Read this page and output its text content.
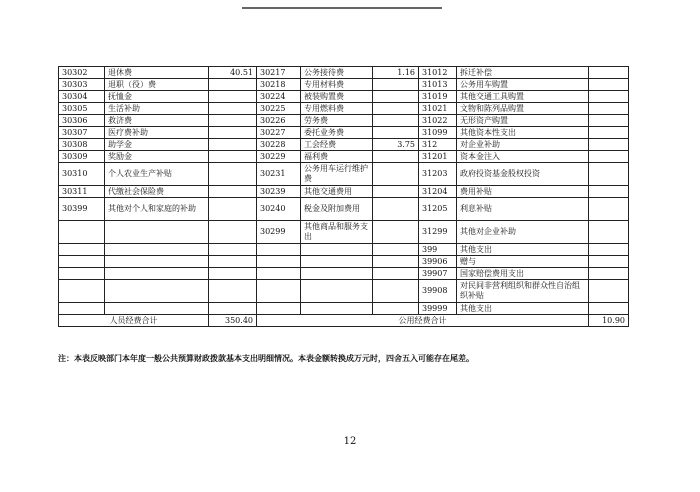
30302	退休费	40.51	30217	公务接待费	1.16	31012	拆迁补偿	
30303	退职（役）费		30218	专用材料费		31013	公务用车购置	
30304	抚恤金		30224	被装购置费		31019	其他交通工具购置	
30305	生活补助		30225	专用燃料费		31021	文物和陈列品购置	
30306	救济费		30226	劳务费		31022	无形资产购置	
30307	医疗费补助		30227	委托业务费		31099	其他资本性支出	
30308	助学金		30228	工会经费	3.75	312	对企业补助	
30309	奖励金		30229	福利费		31201	资本金注入	
30310	个人农业生产补贴		30231	公务用车运行维护费		31203	政府投资基金股权投资	
30311	代缴社会保险费		30239	其他交通费用		31204	费用补贴	
30399	其他对个人和家庭的补助		30240	税金及附加费用		31205	利息补贴	
			30299	其他商品和服务支出		31299	其他对企业补助	
						399	其他支出	
						39906	赠与	
						39907	国家赔偿费用支出	
						39908	对民间非营利组织和群众性自治组织补贴	
						39999	其他支出	
人员经费合计		350.40	公用经费合计					10.90
注：本表反映部门本年度一般公共预算财政拨款基本支出明细情况。本表金额转换成万元时，四舍五入可能存在尾差。
12
